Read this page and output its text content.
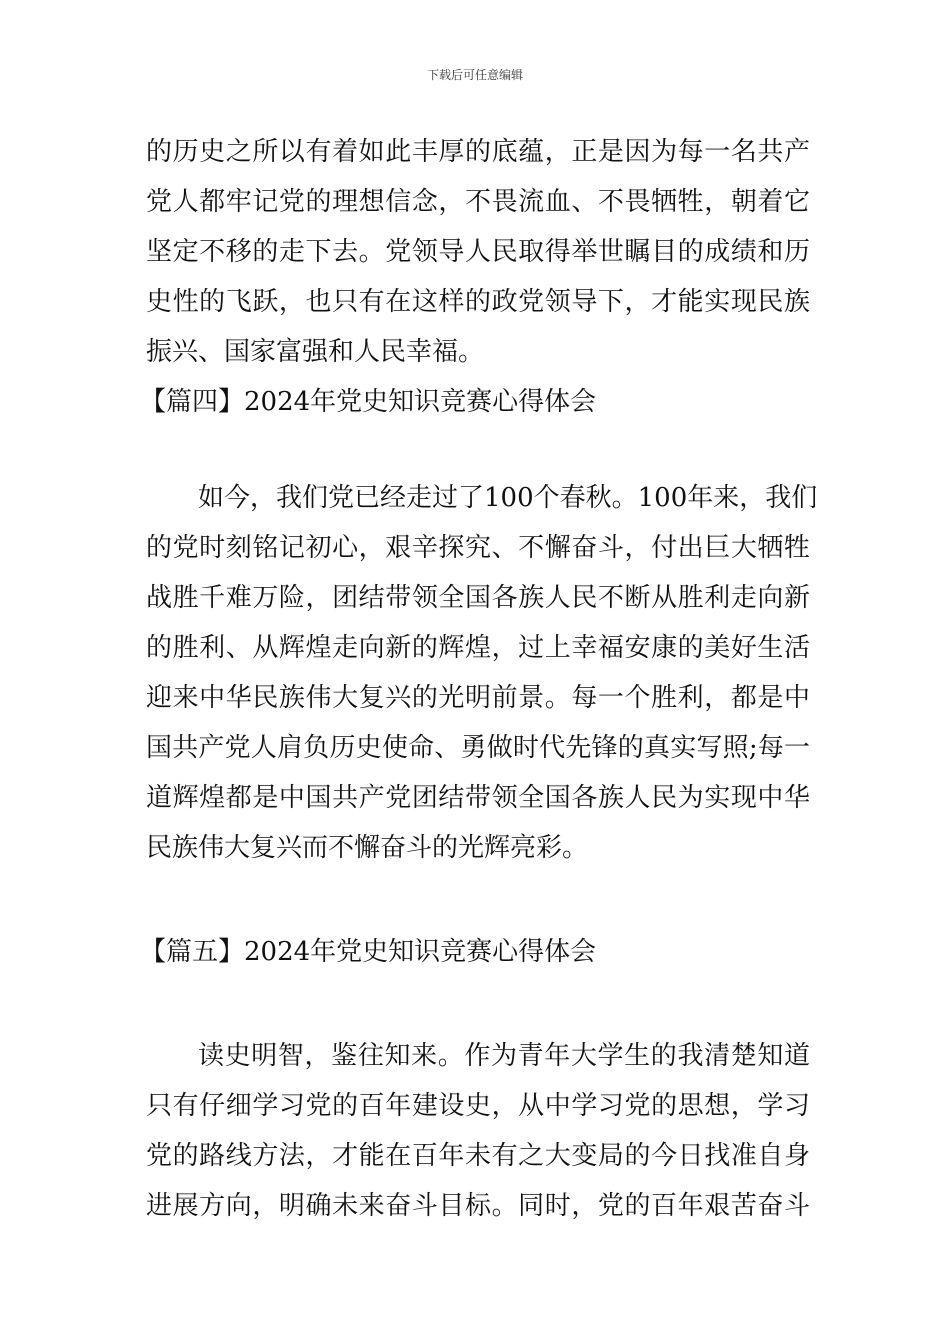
下载后可任意编辑
的历史之所以有着如此丰厚的底蕴，正是因为每一名共产
党人都牢记党的理想信念，不畏流血、不畏牺牲，朝着它
坚定不移的走下去。党领导人民取得举世瞩目的成绩和历
史性的飞跃，也只有在这样的政党领导下，才能实现民族
振兴、国家富强和人民幸福。
【篇四】2024年党史知识竞赛心得体会
如今，我们党已经走过了100个春秋。100年来，我们
的党时刻铭记初心，艰辛探究、不懈奋斗，付出巨大牺牲
战胜千难万险，团结带领全国各族人民不断从胜利走向新
的胜利、从辉煌走向新的辉煌，过上幸福安康的美好生活
迎来中华民族伟大复兴的光明前景。每一个胜利，都是中
国共产党人肩负历史使命、勇做时代先锋的真实写照;每一
道辉煌都是中国共产党团结带领全国各族人民为实现中华
民族伟大复兴而不懈奋斗的光辉亮彩。
【篇五】2024年党史知识竞赛心得体会
读史明智，鉴往知来。作为青年大学生的我清楚知道
只有仔细学习党的百年建设史，从中学习党的思想，学习
党的路线方法，才能在百年未有之大变局的今日找准自身
进展方向，明确未来奋斗目标。同时，党的百年艰苦奋斗
